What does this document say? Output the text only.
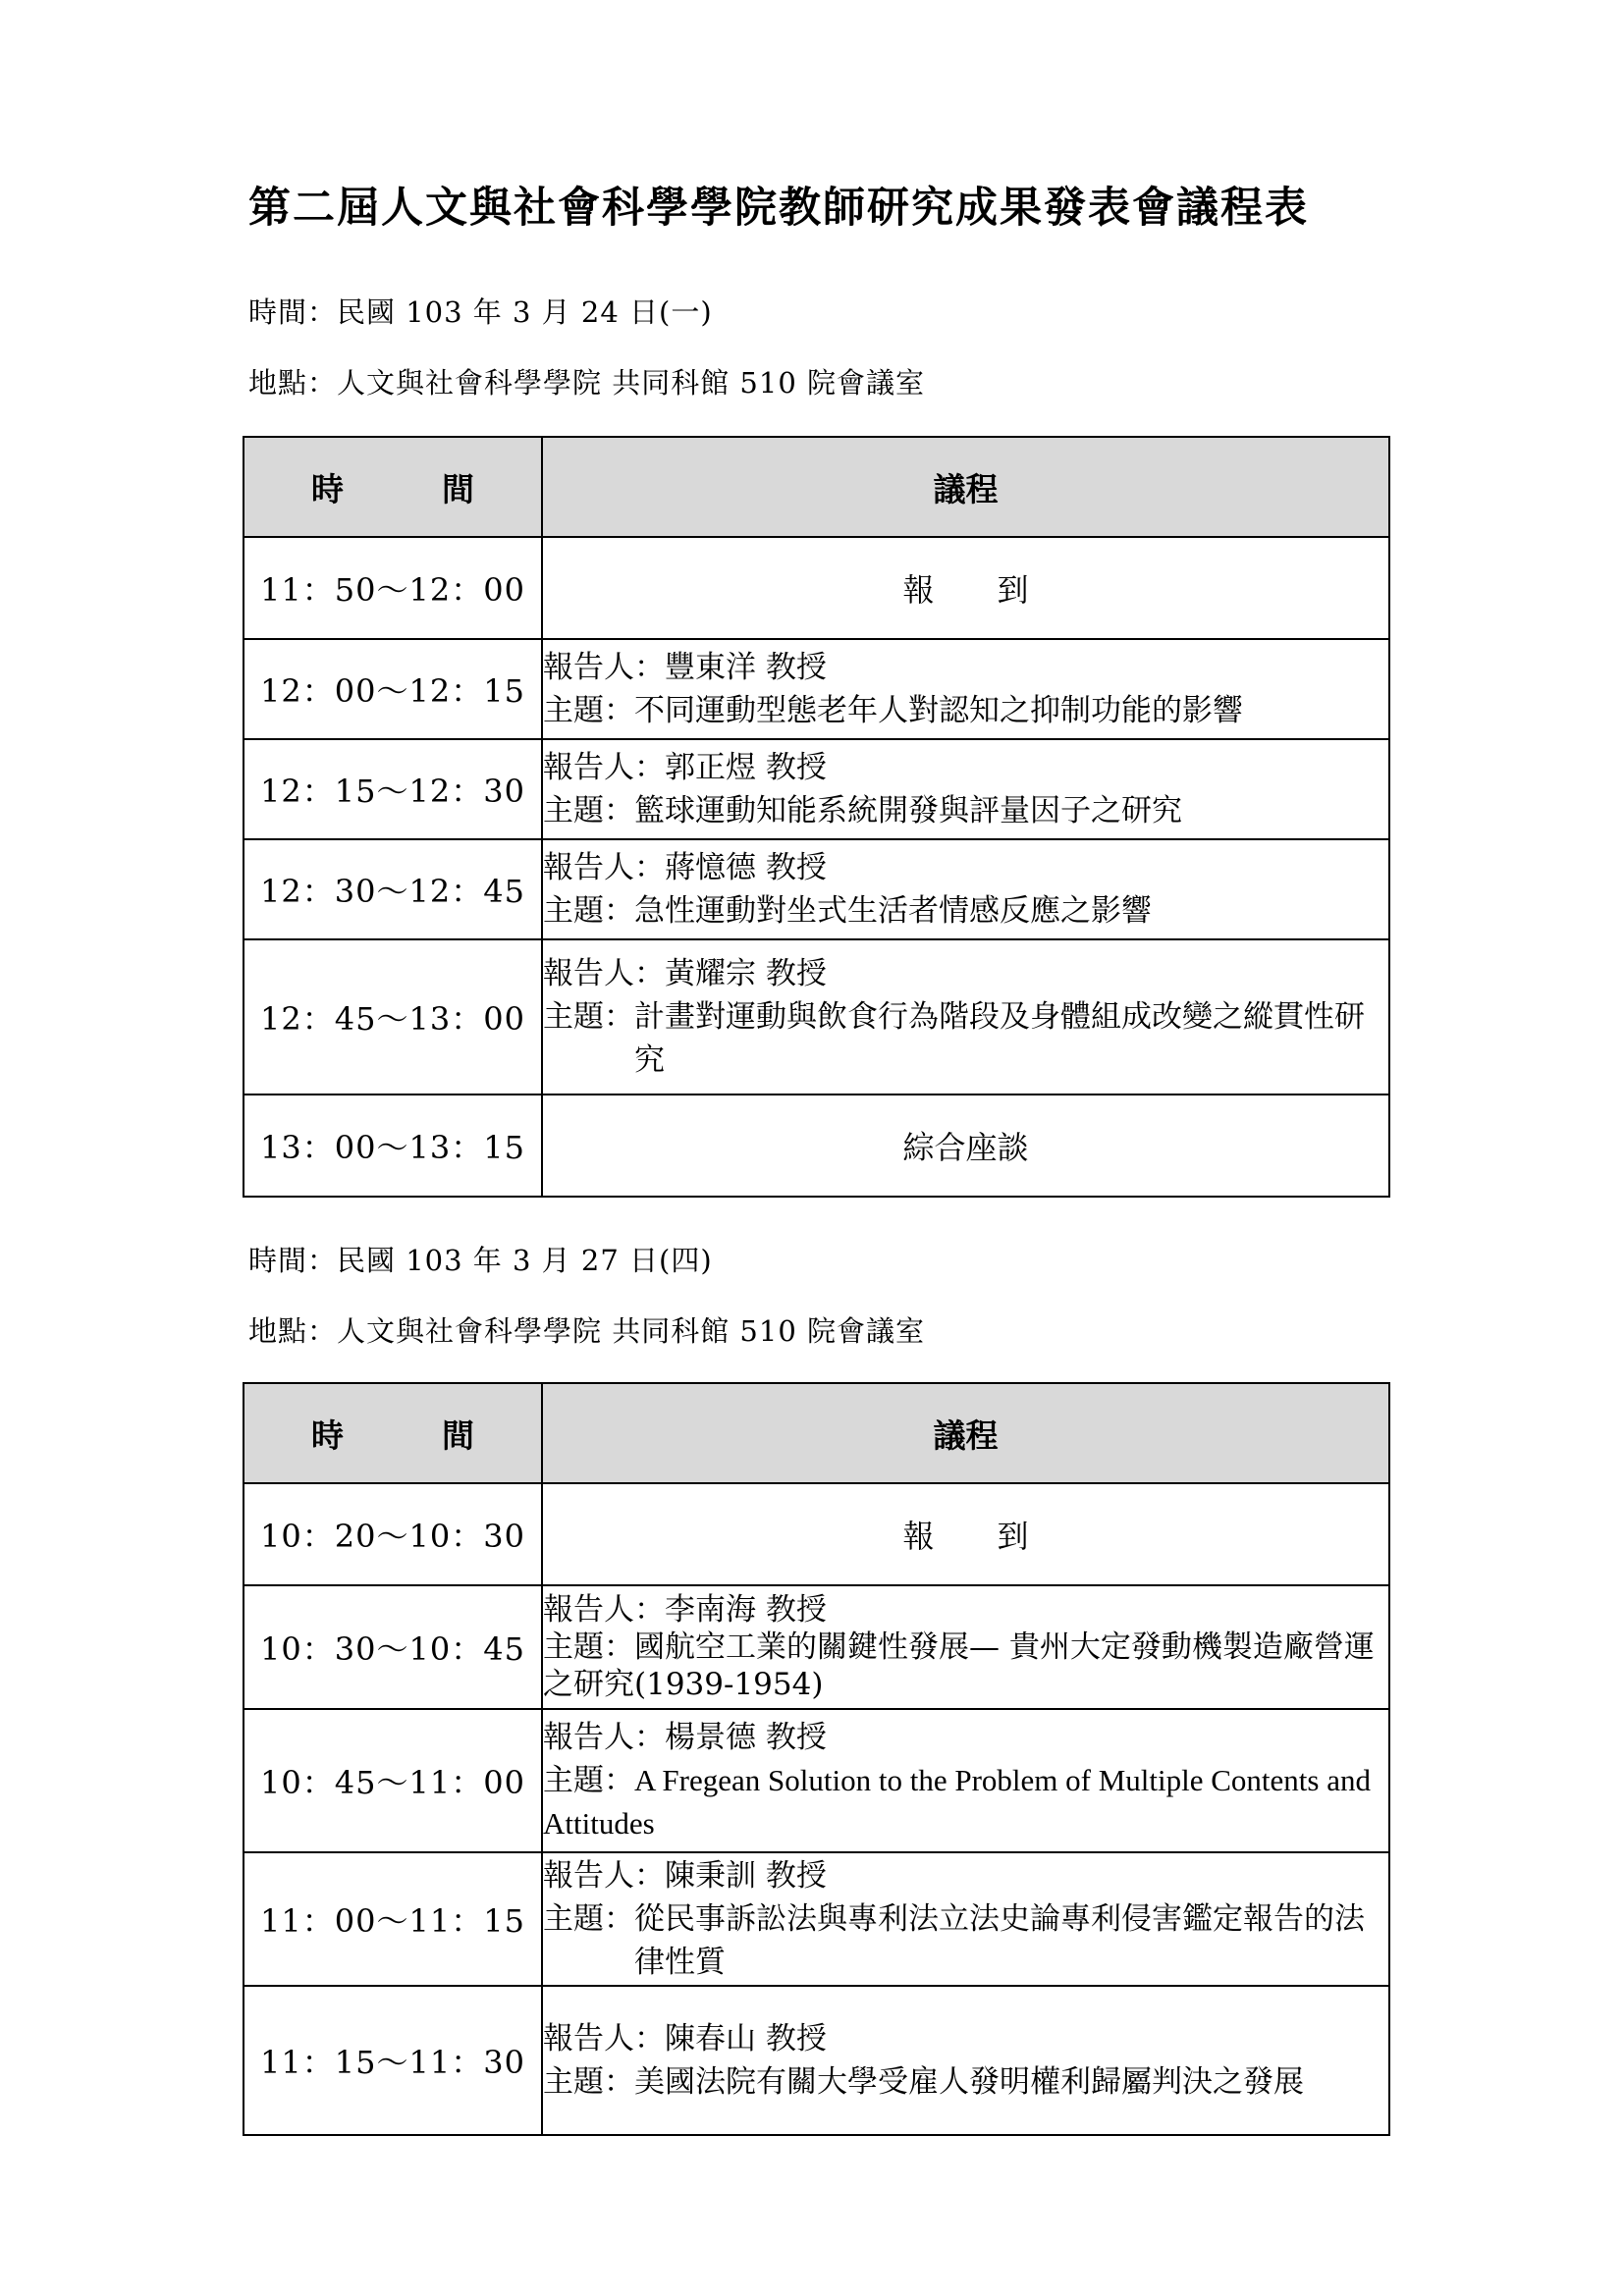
第二屆人文與社會科學學院教師研究成果發表會議程表

時間：民國 103 年 3 月 24 日(一)

地點：人文與社會科學學院 共同科館 510 院會議室

時 間	議程
11：50～12：00	報　　到
12：00～12：15	報告人：豐東洋 教授
主題： 不同運動型態老年人對認知之抑制功能的影響

12：15～12：30	報告人：郭正煜 教授
主題： 籃球運動知能系統開發與評量因子之研究

12：30～12：45	報告人：蔣憶德 教授
主題： 急性運動對坐式生活者情感反應之影響

12：45～13：00	報告人：黃耀宗 教授
主題： 計畫對運動與飲食行為階段及身體組成改變之縱貫性研究

13：00～13：15	綜合座談

時間：民國 103 年 3 月 27 日(四)

地點：人文與社會科學學院 共同科館 510 院會議室

時 間	議程
10：20～10：30	報　　到
10：30～10：45	報告人：李南海 教授
主題：國航空工業的關鍵性發展— 貴州大定發動機製造廠營運之研究(1939-1954)

10：45～11：00	報告人：楊景德 教授
主題：A Fregean Solution to the Problem of Multiple Contents and Attitudes

11：00～11：15	報告人：陳秉訓 教授
主題： 從民事訴訟法與專利法立法史論專利侵害鑑定報告的法律性質

11：15～11：30	報告人：陳春山 教授
主題： 美國法院有關大學受雇人發明權利歸屬判決之發展
